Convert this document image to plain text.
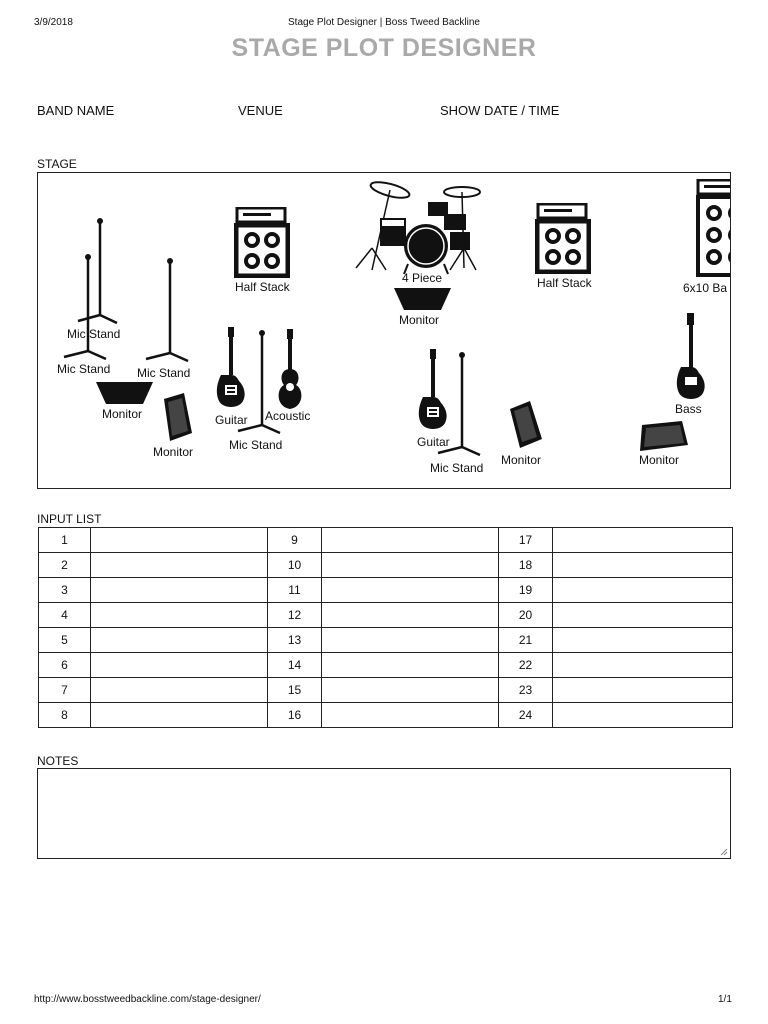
3/9/2018	Stage Plot Designer | Boss Tweed Backline
STAGE PLOT DESIGNER
BAND NAME	VENUE	SHOW DATE / TIME
STAGE
Mic Stand
Mic Stand Mic Stand
Monitor
Monitor
Half Stack
Guitar
Mic Stand
Acoustic
4 Piece
Monitor
Guitar
Mic Stand
Monitor
Half Stack	6x10 Ba
Bass
Monitor
INPUT LIST
1		9		17	
2		10		18	
3		11		19	
4		12		20	
5		13		21	
6		14		22	
7		15		23	
8		16		24	
NOTES
http://www.bosstweedbackline.com/stage-designer/	1/1
